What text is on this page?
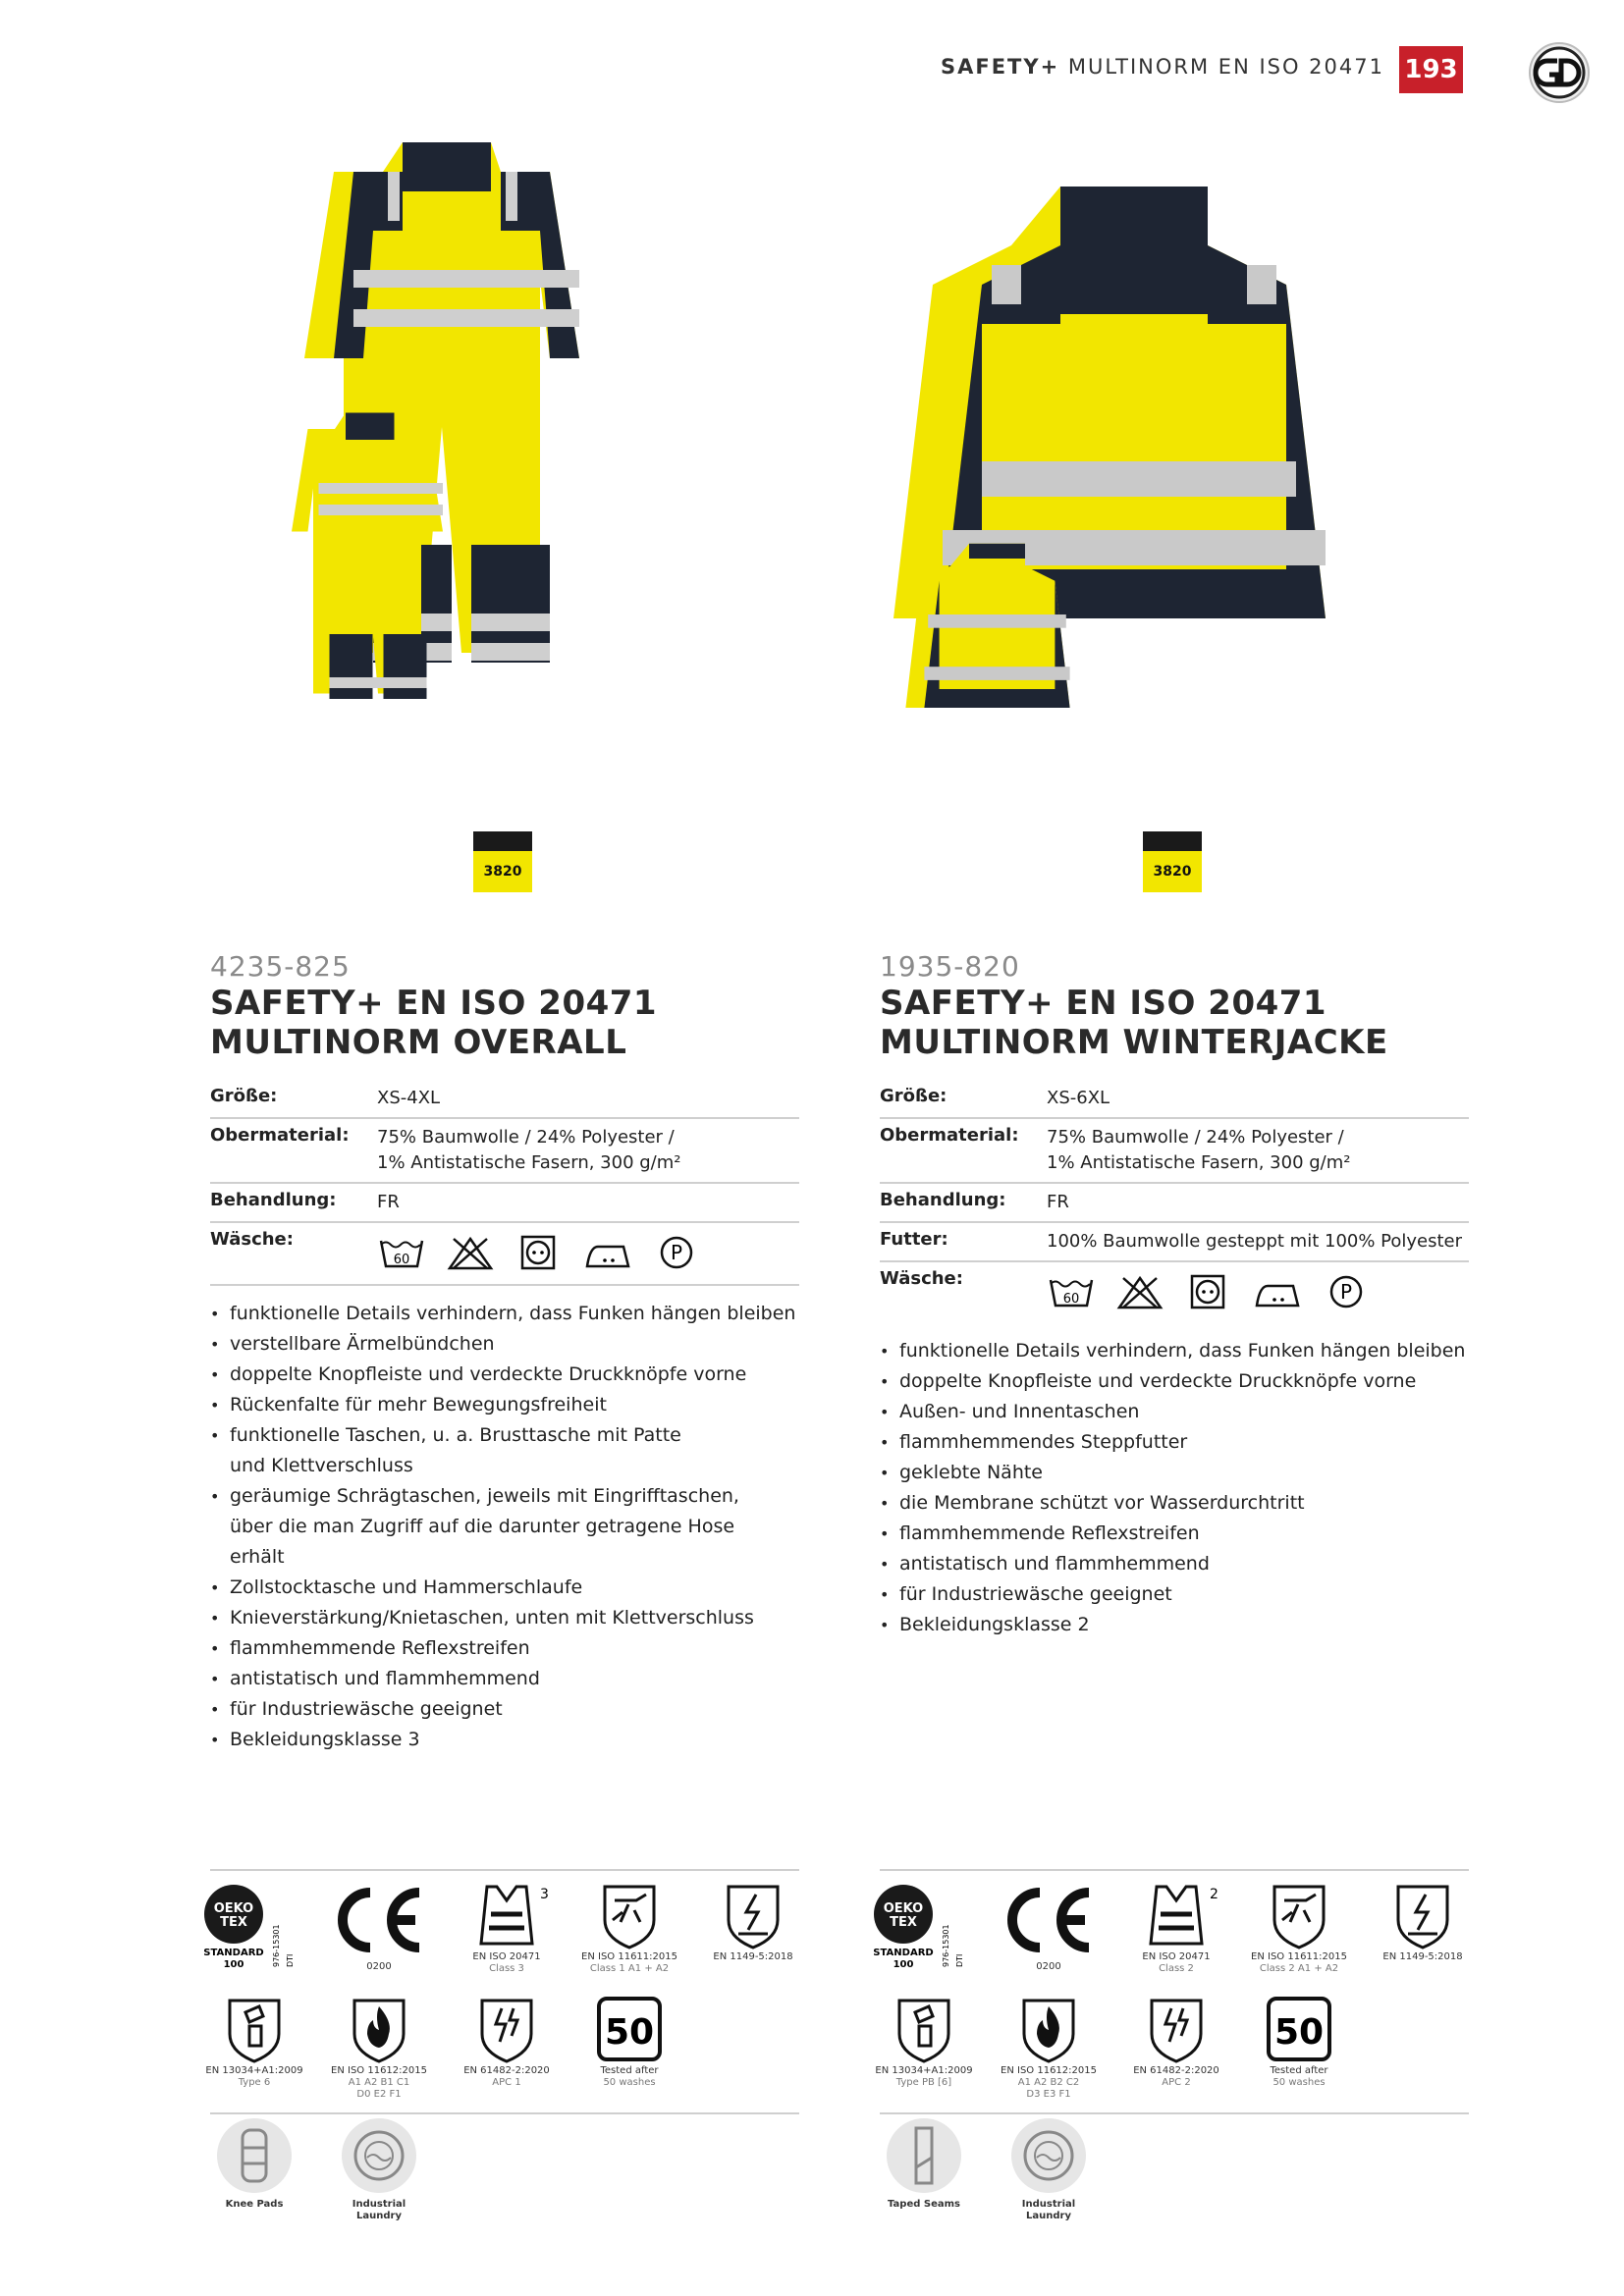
SAFETY+ MULTINORM EN ISO 20471 193
3820
4235-825
SAFETY+ EN ISO 20471
MULTINORM OVERALL
Größe:	XS-4XL
Obermaterial:	75% Baumwolle / 24% Polyester /
1% Antistatische Fasern, 300 g/m²
Behandlung:	FR
Wäsche:
60	P
• funktionelle Details verhindern, dass Funken hängen bleiben
• verstellbare Ärmelbündchen
• doppelte Knopfleiste und verdeckte Druckknöpfe vorne
• Rückenfalte für mehr Bewegungsfreiheit
• funktionelle Taschen, u. a. Brusttasche mit Patte und Klettverschluss
• geräumige Schrägtaschen, jeweils mit Eingrifftaschen, über die man Zugriff auf die darunter getragene Hose erhält
• Zollstocktasche und Hammerschlaufe
• Knieverstärkung/Knietaschen, unten mit Klettverschluss
• flammhemmende Reflexstreifen
• antistatisch und flammhemmend
• für Industriewäsche geeignet
• Bekleidungsklasse 3
OEKO
TEX
STANDARD
100	976-15301 DTI	0200
3
EN ISO 20471
Class 3
EN ISO 11611:2015
Class 1 A1 + A2
EN 1149-5:2018
EN 13034+A1:2009
Type 6
EN ISO 11612:2015
A1 A2 B1 C1
D0 E2 F1
EN 61482-2:2020
APC 1
50
Tested after
50 washes
Knee Pads	Industrial
Laundry
3820
1935-820
SAFETY+ EN ISO 20471
MULTINORM WINTERJACKE
Größe:	XS-6XL
Obermaterial:	75% Baumwolle / 24% Polyester /
1% Antistatische Fasern, 300 g/m²
Behandlung:	FR
Futter:	100% Baumwolle gesteppt mit 100% Polyester
Wäsche:
60	P
• funktionelle Details verhindern, dass Funken hängen bleiben
• doppelte Knopfleiste und verdeckte Druckknöpfe vorne
• Außen- und Innentaschen
• flammhemmendes Steppfutter
• geklebte Nähte
• die Membrane schützt vor Wasserdurchtritt
• flammhemmende Reflexstreifen
• antistatisch und flammhemmend
• für Industriewäsche geeignet
• Bekleidungsklasse 2
OEKO
TEX
STANDARD
100	976-15301 DTI	0200
2
EN ISO 20471
Class 2
EN ISO 11611:2015
Class 2 A1 + A2
EN 1149-5:2018
EN 13034+A1:2009
Type PB [6]
EN ISO 11612:2015
A1 A2 B2 C2
D3 E3 F1
EN 61482-2:2020
APC 2
50
Tested after
50 washes
Taped Seams	Industrial
Laundry
